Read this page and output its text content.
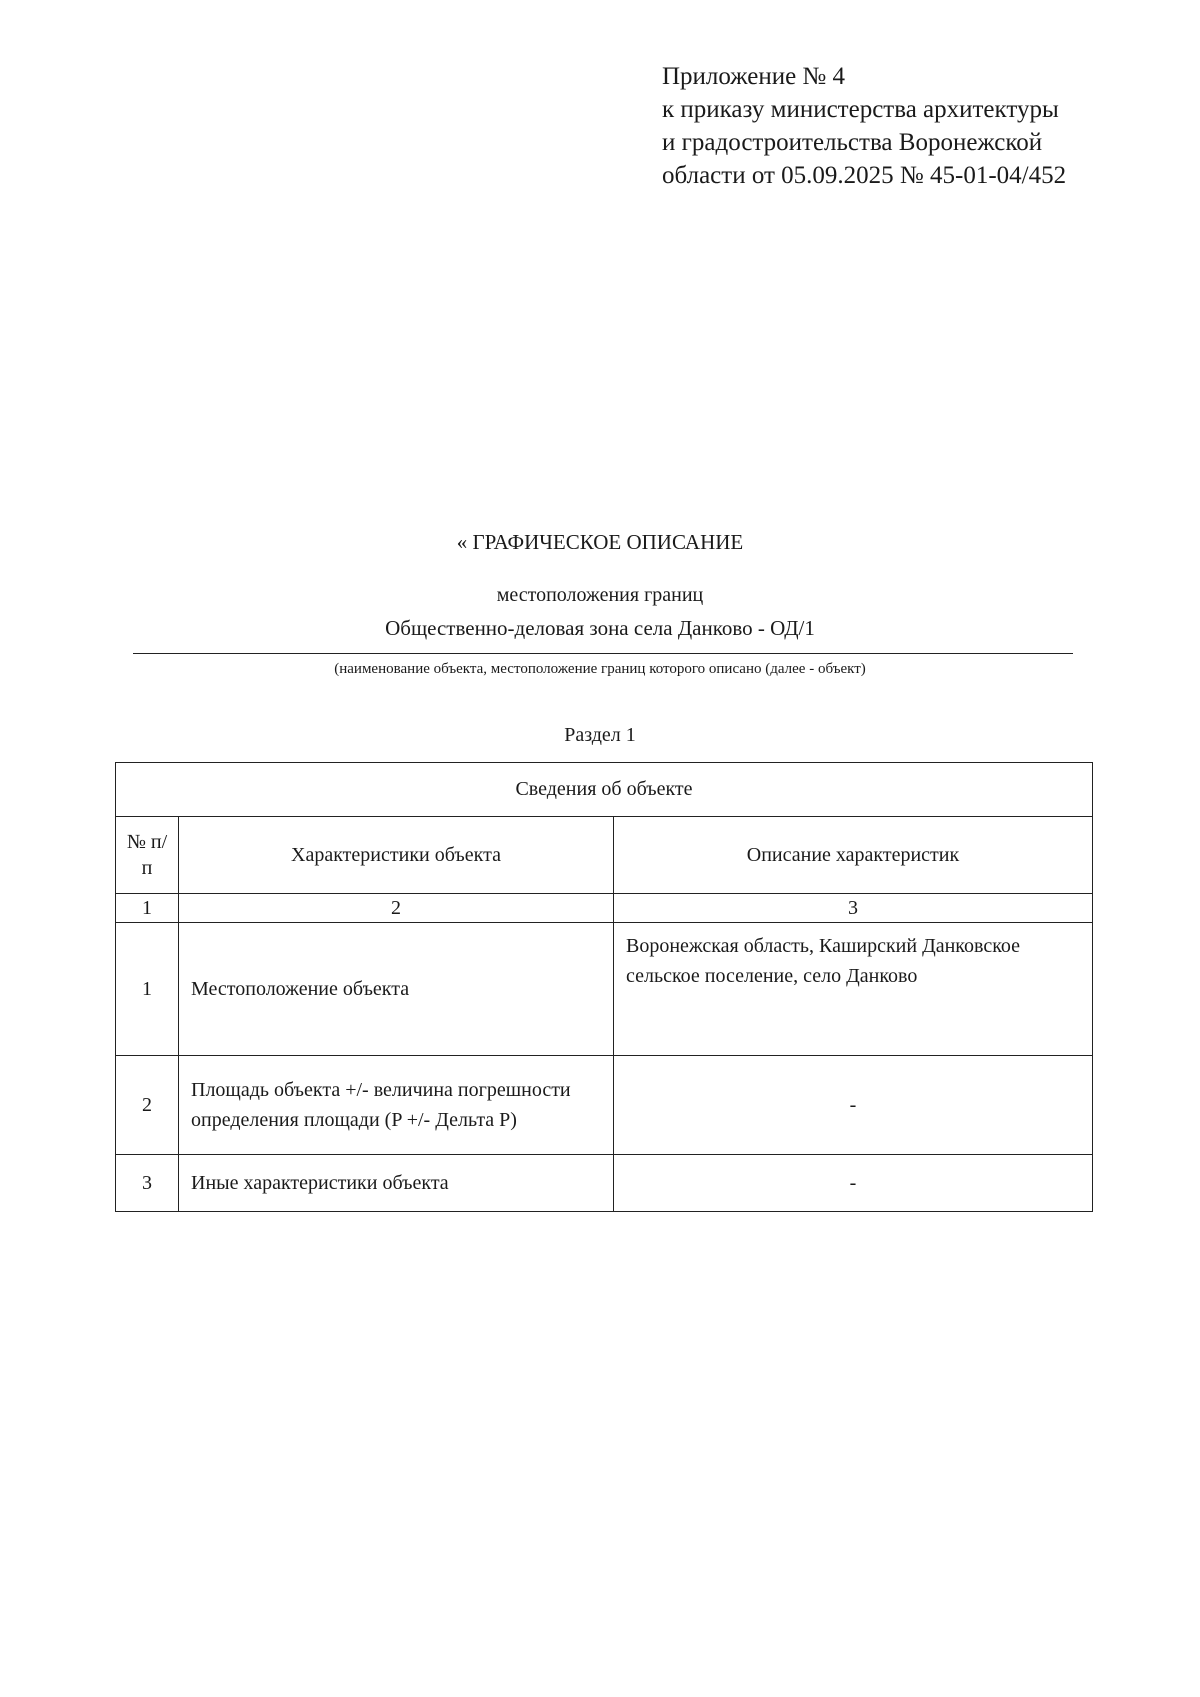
Приложение № 4
к приказу министерства архитектуры
и градостроительства Воронежской
области от 05.09.2025 № 45-01-04/452
« ГРАФИЧЕСКОЕ ОПИСАНИЕ
местоположения границ
Общественно-деловая зона села Данково - ОД/1
(наименование объекта, местоположение границ которого описано (далее - объект)
Раздел 1
Сведения об объекте		
№ п/п	Характеристики объекта	Описание характеристик
1	2	3
1	Местоположение объекта	Воронежская область, Каширский Данковское сельское поселение, село Данково
2	Площадь объекта +/- величина погрешности определения площади (P +/- Дельта P)	-
3	Иные характеристики объекта	-
